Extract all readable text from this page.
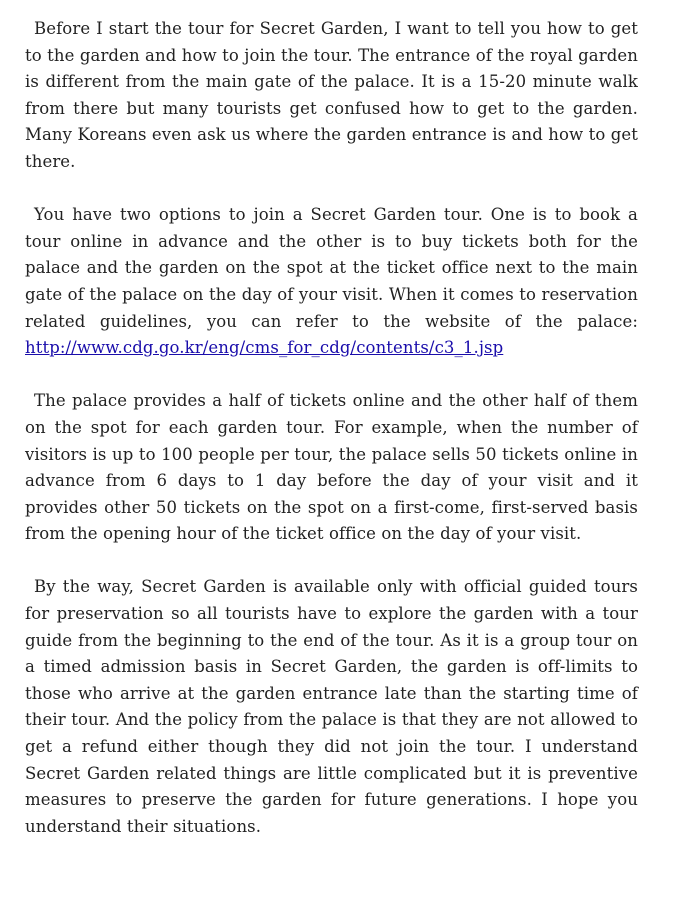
Before I start the tour for Secret Garden, I want to tell you how to get to the garden and how to join the tour. The entrance of the royal garden is different from the main gate of the palace. It is a 15-20 minute walk from there but many tourists get confused how to get to the garden. Many Koreans even ask us where the garden entrance is and how to get there.

You have two options to join a Secret Garden tour. One is to book a tour online in advance and the other is to buy tickets both for the palace and the garden on the spot at the ticket office next to the main gate of the palace on the day of your visit. When it comes to reservation related guidelines, you can refer to the website of the palace: http://www.cdg.go.kr/eng/cms_for_cdg/contents/c3_1.jsp

The palace provides a half of tickets online and the other half of them on the spot for each garden tour. For example, when the number of visitors is up to 100 people per tour, the palace sells 50 tickets online in advance from 6 days to 1 day before the day of your visit and it provides other 50 tickets on the spot on a first-come, first-served basis from the opening hour of the ticket office on the day of your visit.

By the way, Secret Garden is available only with official guided tours for preservation so all tourists have to explore the garden with a tour guide from the beginning to the end of the tour. As it is a group tour on a timed admission basis in Secret Garden, the garden is off-limits to those who arrive at the garden entrance late than the starting time of their tour. And the policy from the palace is that they are not allowed to get a refund either though they did not join the tour. I understand Secret Garden related things are little complicated but it is preventive measures to preserve the garden for future generations. I hope you understand their situations.
